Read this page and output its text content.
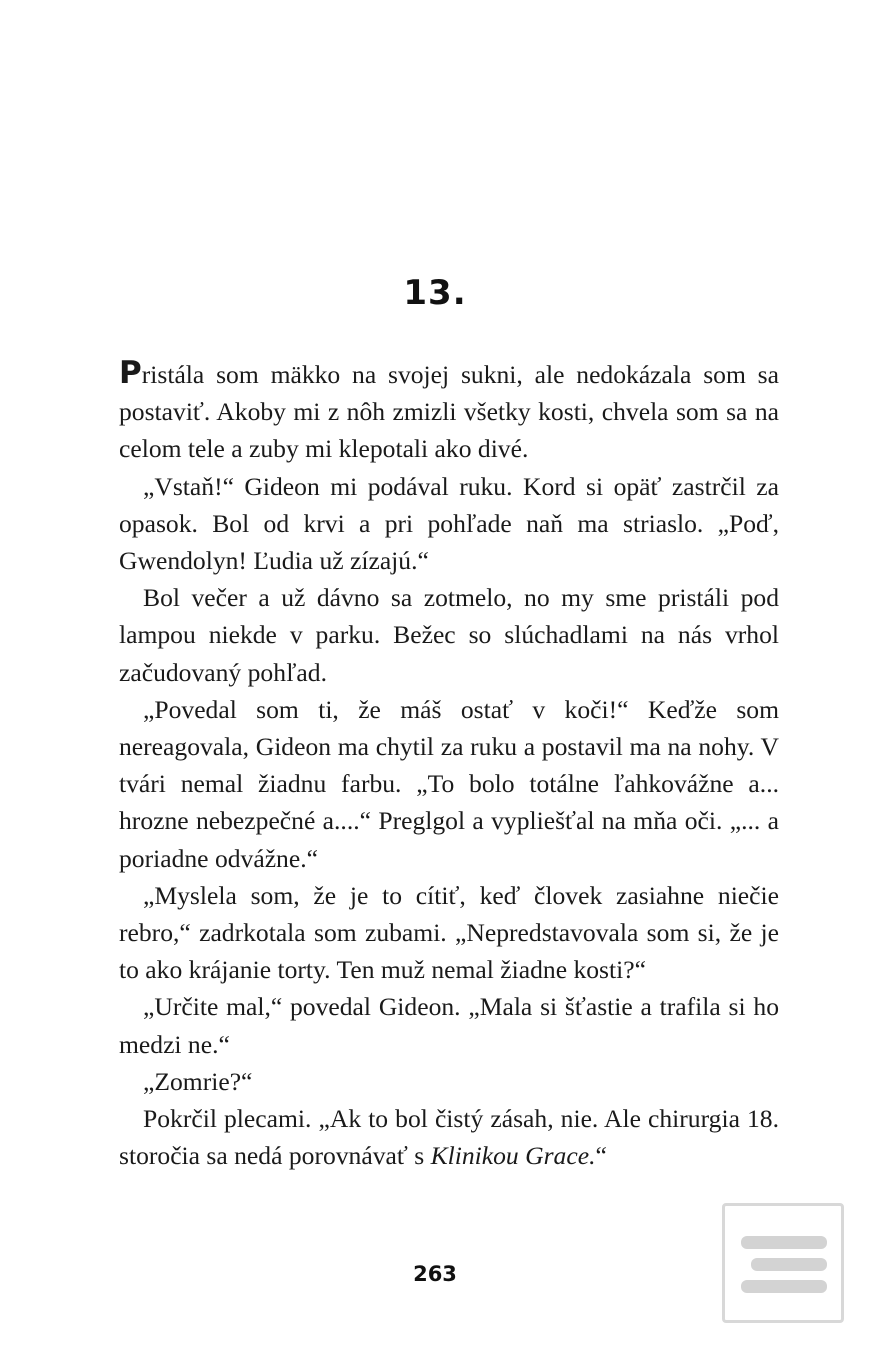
13.

Pristála som mäkko na svojej sukni, ale nedokázala som sa postaviť. Akoby mi z nôh zmizli všetky kosti, chvela som sa na celom tele a zuby mi klepotali ako divé.

„Vstaň!“ Gideon mi podával ruku. Kord si opäť zastrčil za opasok. Bol od krvi a pri pohľade naň ma striaslo. „Poď, Gwendolyn! Ľudia už zízajú.“

Bol večer a už dávno sa zotmelo, no my sme pristáli pod lampou niekde v parku. Bežec so slúchadlami na nás vrhol začudovaný pohľad.

„Povedal som ti, že máš ostať v koči!“ Keďže som nereagovala, Gideon ma chytil za ruku a postavil ma na nohy. V tvári nemal žiadnu farbu. „To bolo totálne ľahkovážne a... hrozne nebezpečné a....“ Preglgol a vypliešťal na mňa oči. „... a poriadne odvážne.“

„Myslela som, že je to cítiť, keď človek zasiahne niečie rebro,“ zadrkotala som zubami. „Nepredstavovala som si, že je to ako krájanie torty. Ten muž nemal žiadne kosti?“

„Určite mal,“ povedal Gideon. „Mala si šťastie a trafila si ho medzi ne.“

„Zomrie?“

Pokrčil plecami. „Ak to bol čistý zásah, nie. Ale chirurgia 18. storočia sa nedá porovnávať s Klinikou Grace.“

263
